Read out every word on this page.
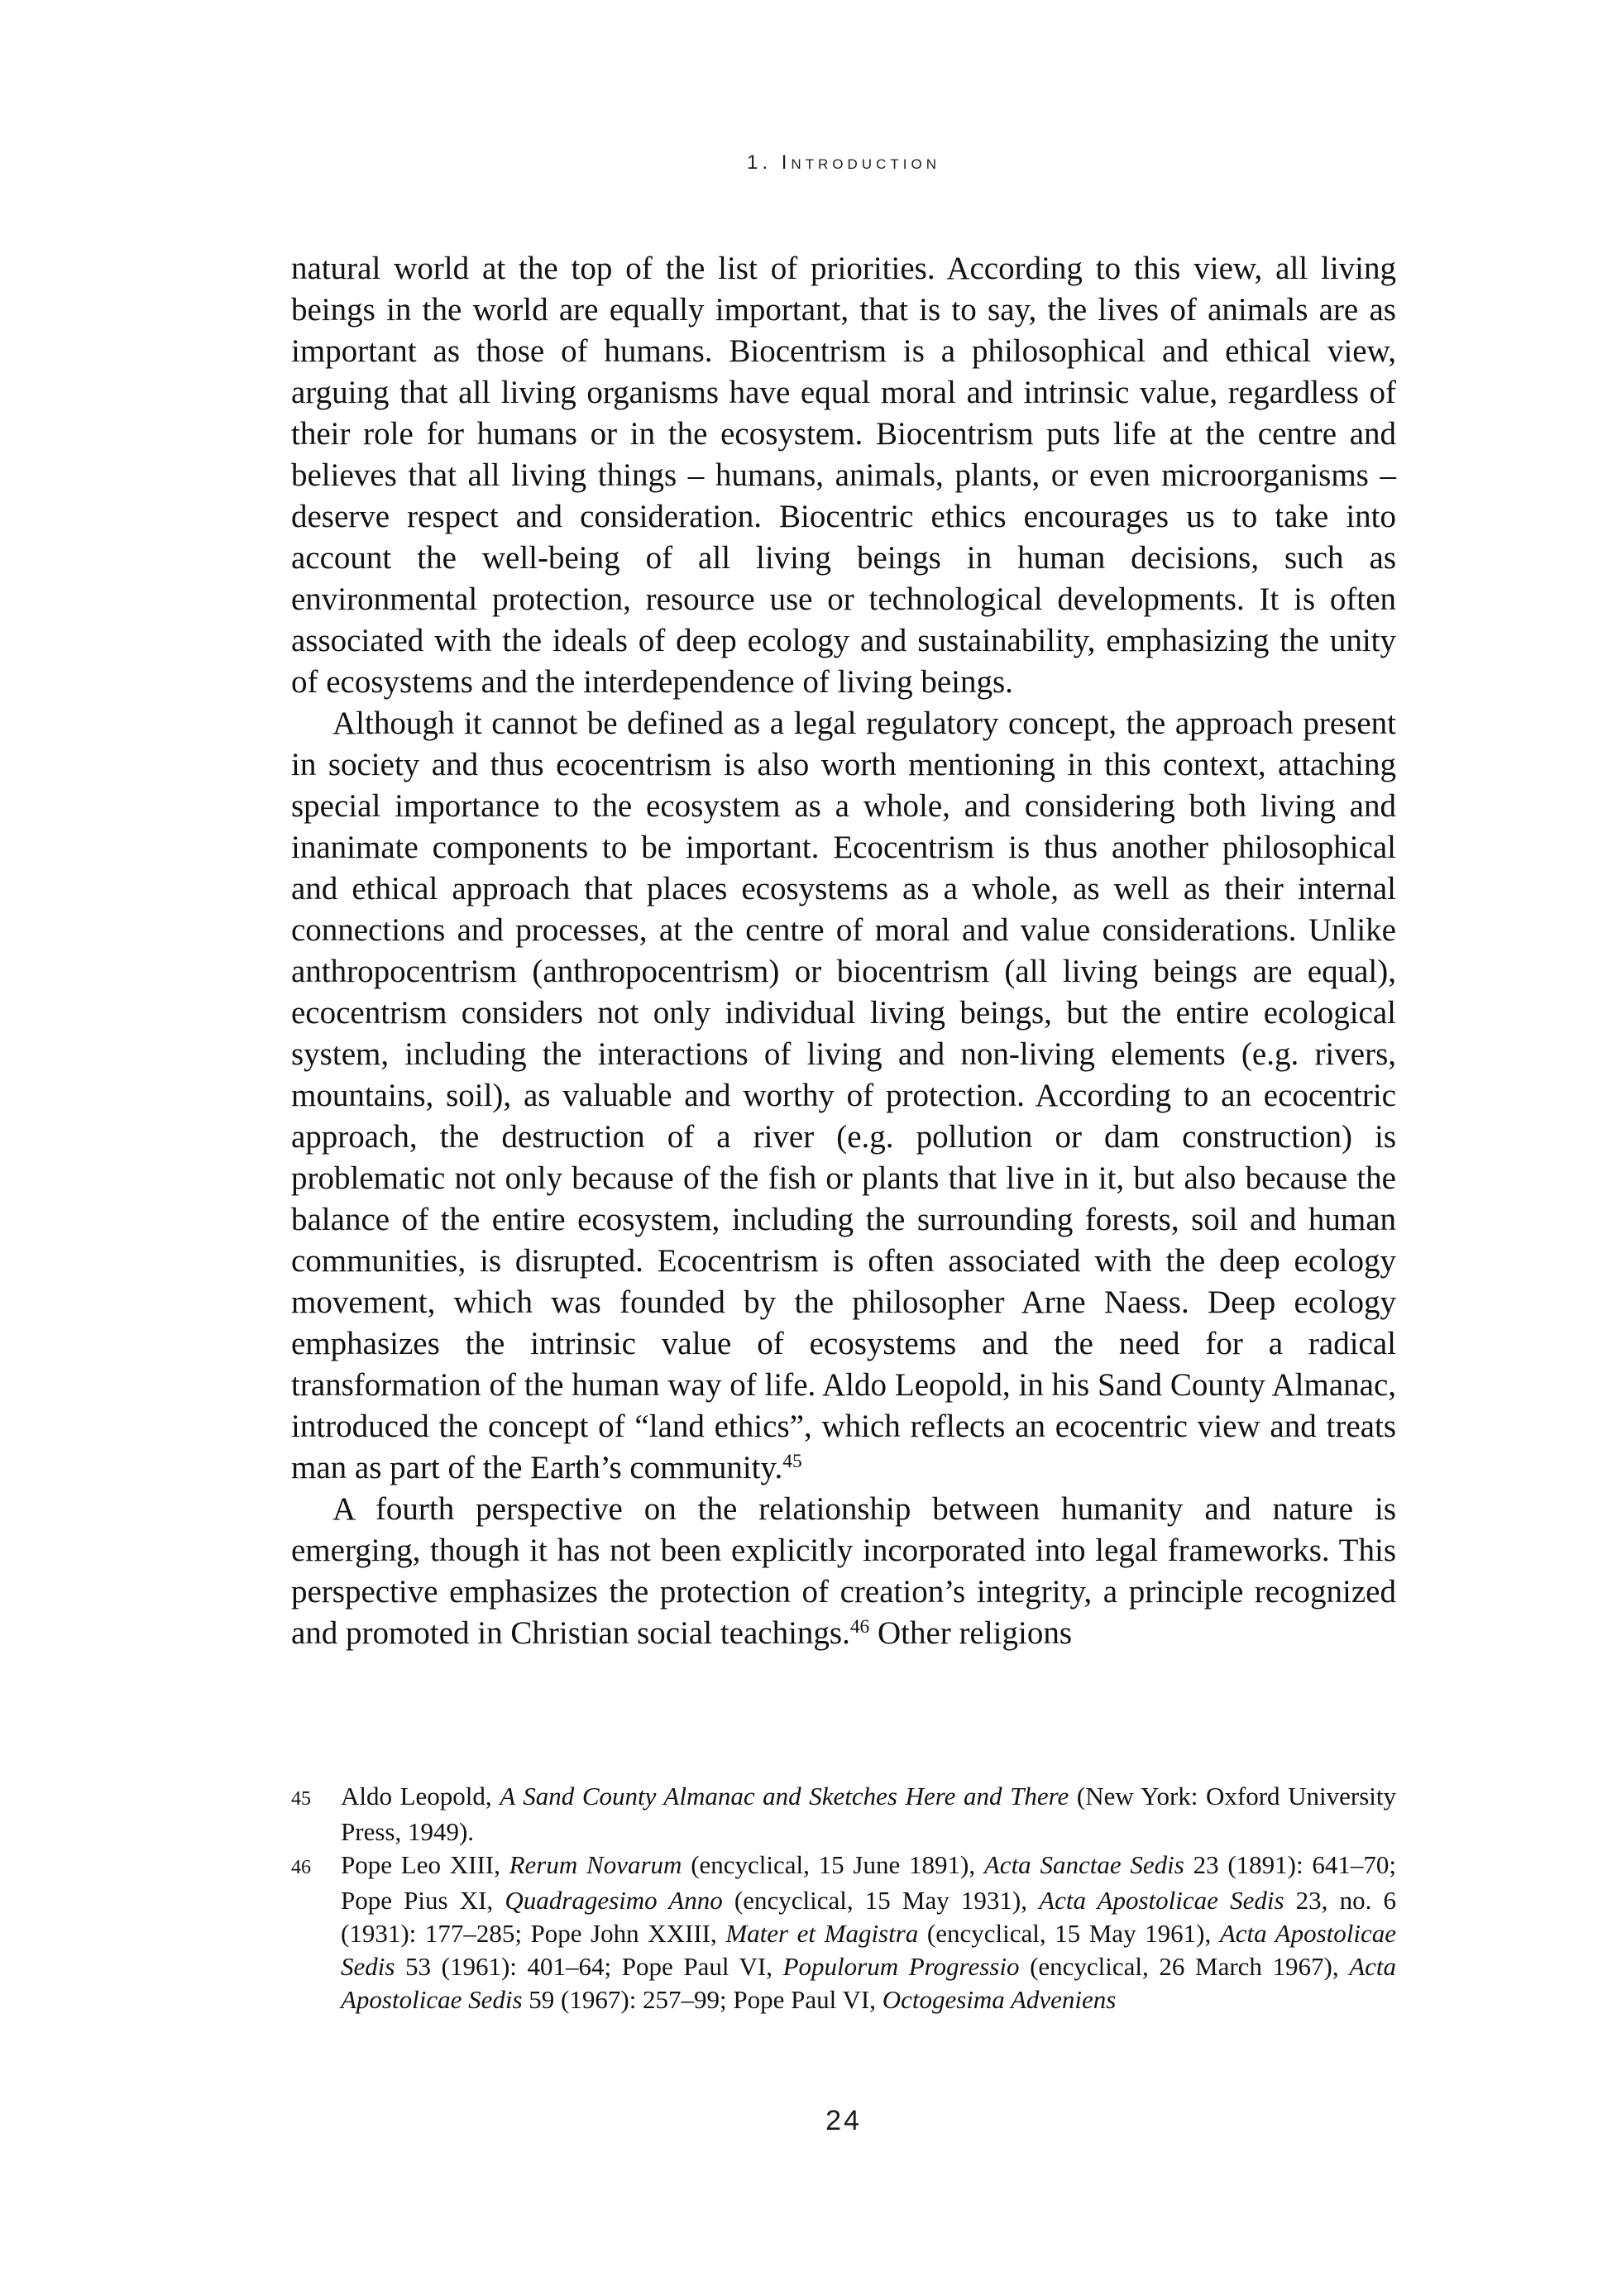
1. Introduction

natural world at the top of the list of priorities. According to this view, all living beings in the world are equally important, that is to say, the lives of animals are as important as those of humans. Biocentrism is a philosophical and ethical view, arguing that all living organisms have equal moral and intrinsic value, regardless of their role for humans or in the ecosystem. Biocentrism puts life at the centre and believes that all living things – humans, animals, plants, or even microorganisms – deserve respect and consideration. Biocentric ethics encourages us to take into account the well-being of all living beings in human decisions, such as environmental protection, resource use or technological developments. It is often associated with the ideals of deep ecology and sustainability, emphasizing the unity of ecosystems and the interdependence of living beings.

Although it cannot be defined as a legal regulatory concept, the approach present in society and thus ecocentrism is also worth mentioning in this context, attaching special importance to the ecosystem as a whole, and considering both living and inanimate components to be important. Ecocentrism is thus another philosophical and ethical approach that places ecosystems as a whole, as well as their internal connections and processes, at the centre of moral and value considerations. Unlike anthropocentrism (anthropocentrism) or biocentrism (all living beings are equal), ecocentrism considers not only individual living beings, but the entire ecological system, including the interactions of living and non-living elements (e.g. rivers, mountains, soil), as valuable and worthy of protection. According to an ecocentric approach, the destruction of a river (e.g. pollution or dam construction) is problematic not only because of the fish or plants that live in it, but also because the balance of the entire ecosystem, including the surrounding forests, soil and human communities, is disrupted. Ecocentrism is often associated with the deep ecology movement, which was founded by the philosopher Arne Naess. Deep ecology emphasizes the intrinsic value of ecosystems and the need for a radical transformation of the human way of life. Aldo Leopold, in his Sand County Almanac, introduced the concept of “land ethics”, which reflects an ecocentric view and treats man as part of the Earth’s community.$^{45}$

A fourth perspective on the relationship between humanity and nature is emerging, though it has not been explicitly incorporated into legal frameworks. This perspective emphasizes the protection of creation’s integrity, a principle recognized and promoted in Christian social teachings.$^{46}$ Other religions

45 Aldo Leopold, A Sand County Almanac and Sketches Here and There (New York: Oxford University Press, 1949).
46 Pope Leo XIII, Rerum Novarum (encyclical, 15 June 1891), Acta Sanctae Sedis 23 (1891): 641–70; Pope Pius XI, Quadragesimo Anno (encyclical, 15 May 1931), Acta Apostolicae Sedis 23, no. 6 (1931): 177–285; Pope John XXIII, Mater et Magistra (encyclical, 15 May 1961), Acta Apostolicae Sedis 53 (1961): 401–64; Pope Paul VI, Populorum Progressio (encyclical, 26 March 1967), Acta Apostolicae Sedis 59 (1967): 257–99; Pope Paul VI, Octogesima Adveniens
24
